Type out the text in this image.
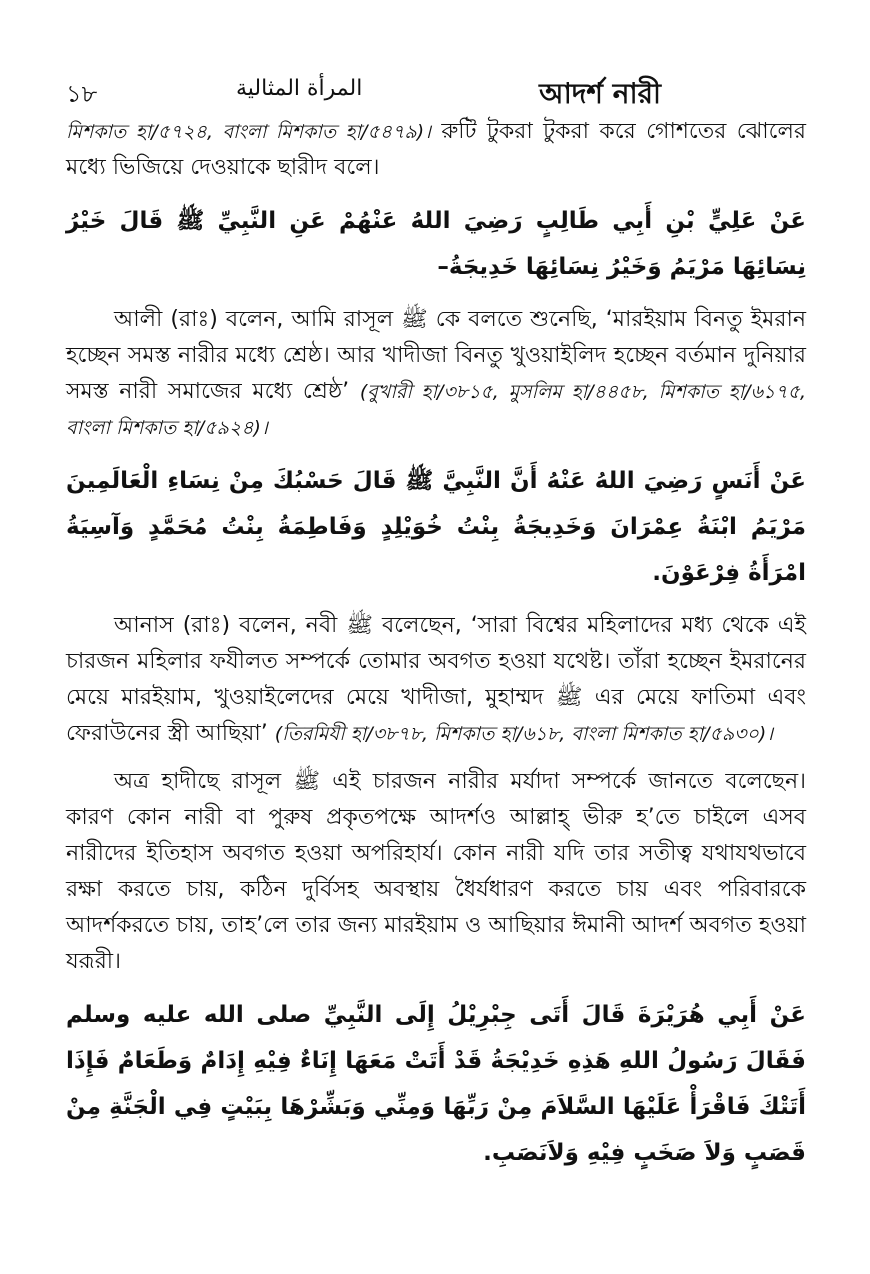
১৮	المرأة المثالية	আদর্শ নারী

মিশকাত হা/৫৭২৪, বাংলা মিশকাত হা/৫৪৭৯)। রুটি টুকরা টুকরা করে গোশতের ঝোলের মধ্যে ভিজিয়ে দেওয়াকে ছারীদ বলে।

عَنْ عَلِيٍّ بْنِ أَبِي طَالِبٍ رَضِيَ اللهُ عَنْهُمْ عَنِ النَّبِيِّ ﷺ قَالَ خَيْرُ نِسَائِهَا مَرْيَمُ وَخَيْرُ نِسَائِهَا خَدِيجَةُ–

আলী (রাঃ) বলেন, আমি রাসূল ﷺ কে বলতে শুনেছি, ‘মারইয়াম বিনতু ইমরান হচ্ছেন সমস্ত নারীর মধ্যে শ্রেষ্ঠ। আর খাদীজা বিনতু খুওয়াইলিদ হচ্ছেন বর্তমান দুনিয়ার সমস্ত নারী সমাজের মধ্যে শ্রেষ্ঠ’ (বুখারী হা/৩৮১৫, মুসলিম হা/৪৪৫৮, মিশকাত হা/৬১৭৫, বাংলা মিশকাত হা/৫৯২৪)।

عَنْ أَنَسٍ رَضِيَ اللهُ عَنْهُ أَنَّ النَّبِيَّ ﷺ قَالَ حَسْبُكَ مِنْ نِسَاءِ الْعَالَمِينَ مَرْيَمُ ابْنَةُ عِمْرَانَ وَخَدِيجَةُ بِنْتُ خُوَيْلِدٍ وَفَاطِمَةُ بِنْتُ مُحَمَّدٍ وَآسِيَةُ امْرَأَةُ فِرْعَوْنَ.

আনাস (রাঃ) বলেন, নবী ﷺ বলেছেন, ‘সারা বিশ্বের মহিলাদের মধ্য থেকে এই চারজন মহিলার ফযীলত সম্পর্কে তোমার অবগত হওয়া যথেষ্ট। তাঁরা হচ্ছেন ইমরানের মেয়ে মারইয়াম, খুওয়াইলেদের মেয়ে খাদীজা, মুহাম্মদ ﷺ এর মেয়ে ফাতিমা এবং ফেরাউনের স্ত্রী আছিয়া’ (তিরমিযী হা/৩৮৭৮, মিশকাত হা/৬১৮, বাংলা মিশকাত হা/৫৯৩০)।

অত্র হাদীছে রাসূল ﷺ এই চারজন নারীর মর্যাদা সম্পর্কে জানতে বলেছেন। কারণ কোন নারী বা পুরুষ প্রকৃতপক্ষে আদর্শও আল্লাহ্ ভীরু হ’তে চাইলে এসব নারীদের ইতিহাস অবগত হওয়া অপরিহার্য। কোন নারী যদি তার সতীত্ব যথাযথভাবে রক্ষা করতে চায়, কঠিন দুর্বিসহ অবস্থায় ধৈর্যধারণ করতে চায় এবং পরিবারকে আদর্শকরতে চায়, তাহ’লে তার জন্য মারইয়াম ও আছিয়ার ঈমানী আদর্শ অবগত হওয়া যরূরী।

عَنْ أَبِي هُرَيْرَةَ قَالَ أَتَى جِبْرِيْلُ إِلَى النَّبِيِّ صلى الله عليه وسلم فَقَالَ رَسُولُ اللهِ هَذِهِ خَدِيْجَةُ قَدْ أَتَتْ مَعَهَا إِنَاءٌ فِيْهِ إِدَامٌ وَطَعَامٌ فَإِذَا أَتَتْكَ فَاقْرَأْ عَلَيْهَا السَّلاَمَ مِنْ رَبِّهَا وَمِنِّي وَبَشِّرْهَا بِبَيْتٍ فِي الْجَنَّةِ مِنْ قَصَبٍ وَلاَ صَخَبٍ فِيْهِ وَلاَنَصَبِ.
